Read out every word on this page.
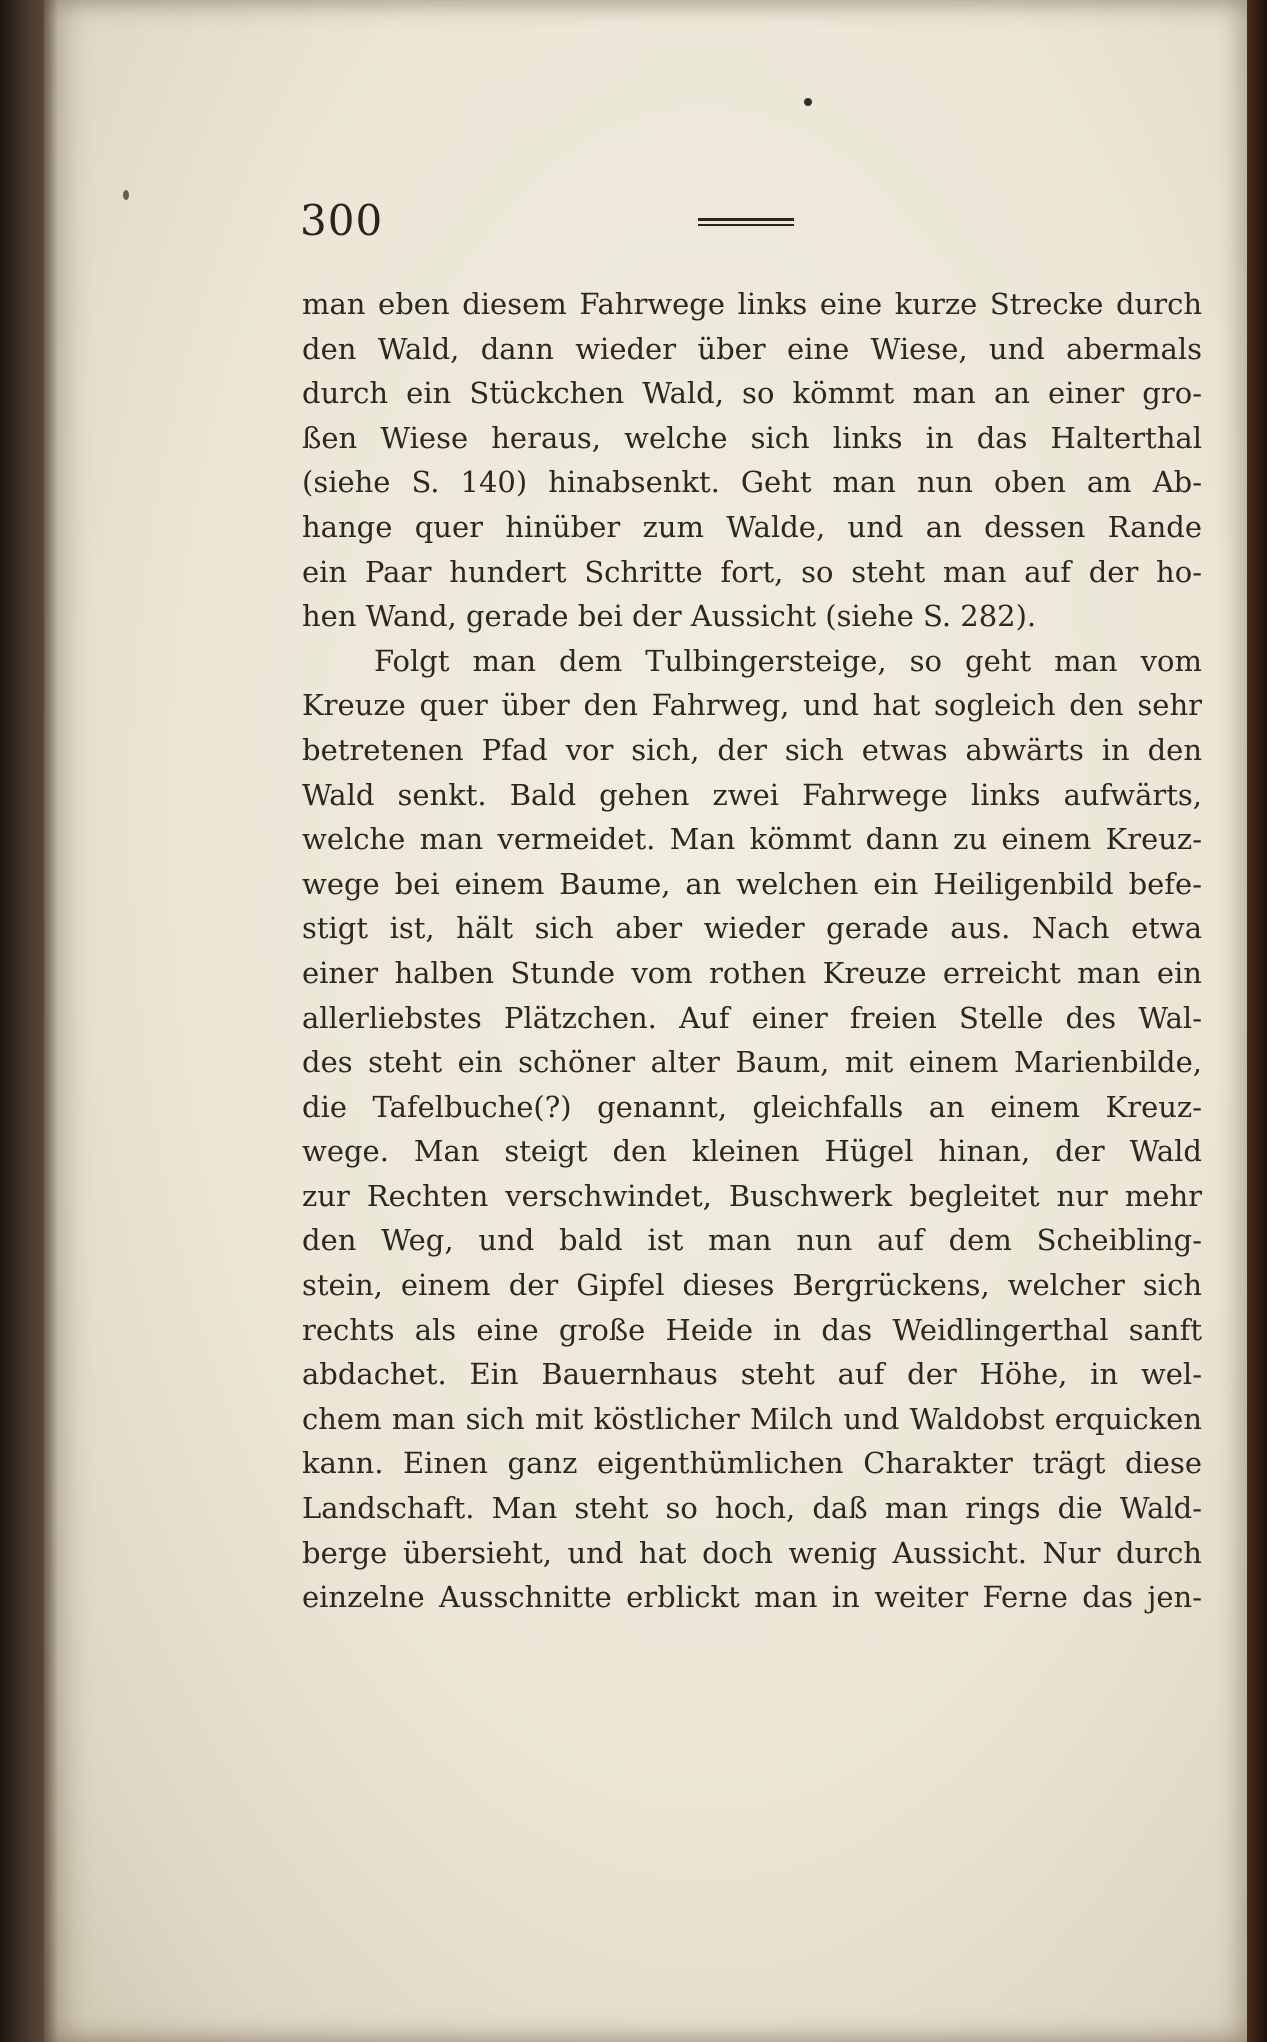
300
man eben diesem Fahrwege links eine kurze Strecke durch
den Wald, dann wieder über eine Wiese, und abermals
durch ein Stückchen Wald, so kömmt man an einer gro-
ßen Wiese heraus, welche sich links in das Halterthal
(siehe S. 140) hinabsenkt. Geht man nun oben am Ab-
hange quer hinüber zum Walde, und an dessen Rande
ein Paar hundert Schritte fort, so steht man auf der ho-
hen Wand, gerade bei der Aussicht (siehe S. 282).
Folgt man dem Tulbingersteige, so geht man vom
Kreuze quer über den Fahrweg, und hat sogleich den sehr
betretenen Pfad vor sich, der sich etwas abwärts in den
Wald senkt. Bald gehen zwei Fahrwege links aufwärts,
welche man vermeidet. Man kömmt dann zu einem Kreuz-
wege bei einem Baume, an welchen ein Heiligenbild befe-
stigt ist, hält sich aber wieder gerade aus. Nach etwa
einer halben Stunde vom rothen Kreuze erreicht man ein
allerliebstes Plätzchen. Auf einer freien Stelle des Wal-
des steht ein schöner alter Baum, mit einem Marienbilde,
die Tafelbuche(?) genannt, gleichfalls an einem Kreuz-
wege. Man steigt den kleinen Hügel hinan, der Wald
zur Rechten verschwindet, Buschwerk begleitet nur mehr
den Weg, und bald ist man nun auf dem Scheibling-
stein, einem der Gipfel dieses Bergrückens, welcher sich
rechts als eine große Heide in das Weidlingerthal sanft
abdachet. Ein Bauernhaus steht auf der Höhe, in wel-
chem man sich mit köstlicher Milch und Waldobst erquicken
kann. Einen ganz eigenthümlichen Charakter trägt diese
Landschaft. Man steht so hoch, daß man rings die Wald-
berge übersieht, und hat doch wenig Aussicht. Nur durch
einzelne Ausschnitte erblickt man in weiter Ferne das jen-
